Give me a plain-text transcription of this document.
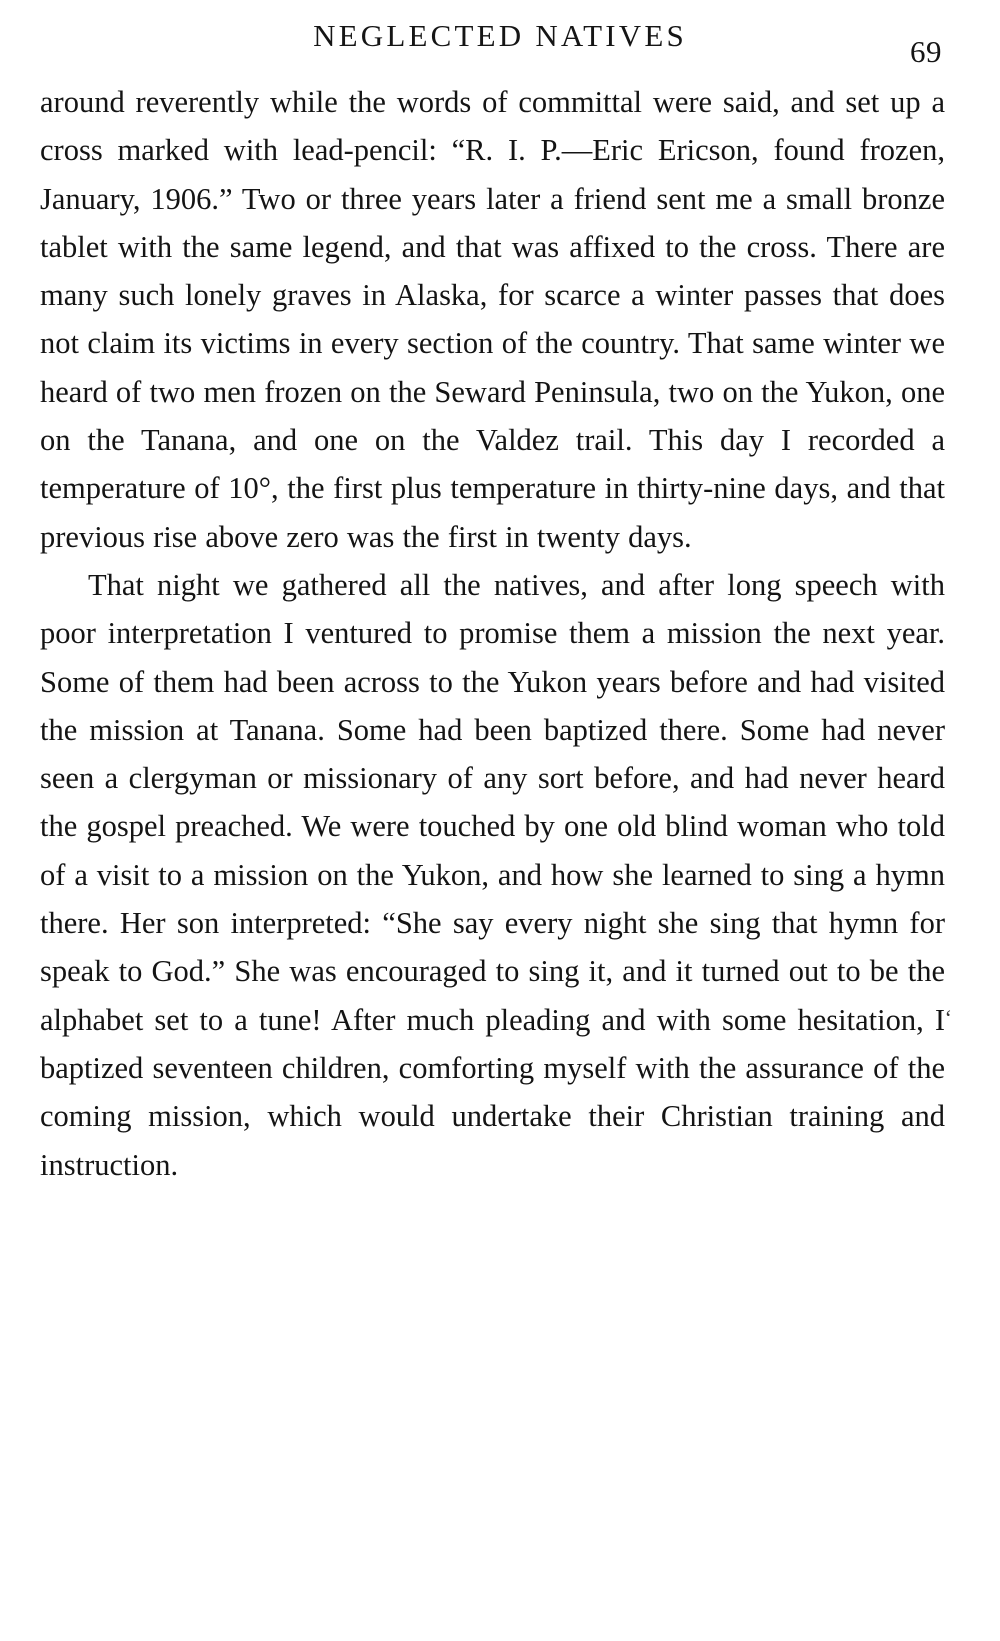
NEGLECTED NATIVES	69

around reverently while the words of committal were said, and set up a cross marked with lead-pencil: “R. I. P.—Eric Ericson, found frozen, January, 1906.” Two or three years later a friend sent me a small bronze tablet with the same legend, and that was affixed to the cross. There are many such lonely graves in Alaska, for scarce a winter passes that does not claim its victims in every section of the country. That same winter we heard of two men frozen on the Seward Peninsula, two on the Yukon, one on the Tanana, and one on the Valdez trail. This day I recorded a temperature of 10°, the first plus temperature in thirty-nine days, and that previous rise above zero was the first in twenty days.

That night we gathered all the natives, and after long speech with poor interpretation I ventured to promise them a mission the next year. Some of them had been across to the Yukon years before and had visited the mission at Tanana. Some had been baptized there. Some had never seen a clergyman or missionary of any sort before, and had never heard the gospel preached. We were touched by one old blind woman who told of a visit to a mission on the Yukon, and how she learned to sing a hymn there. Her son interpreted: “She say every night she sing that hymn for speak to God.” She was encouraged to sing it, and it turned out to be the alphabet set to a tune! After much pleading and with some hesitation, I baptized seventeen children, comforting myself with the assurance of the coming mission, which would undertake their Christian training and instruction.

‘
